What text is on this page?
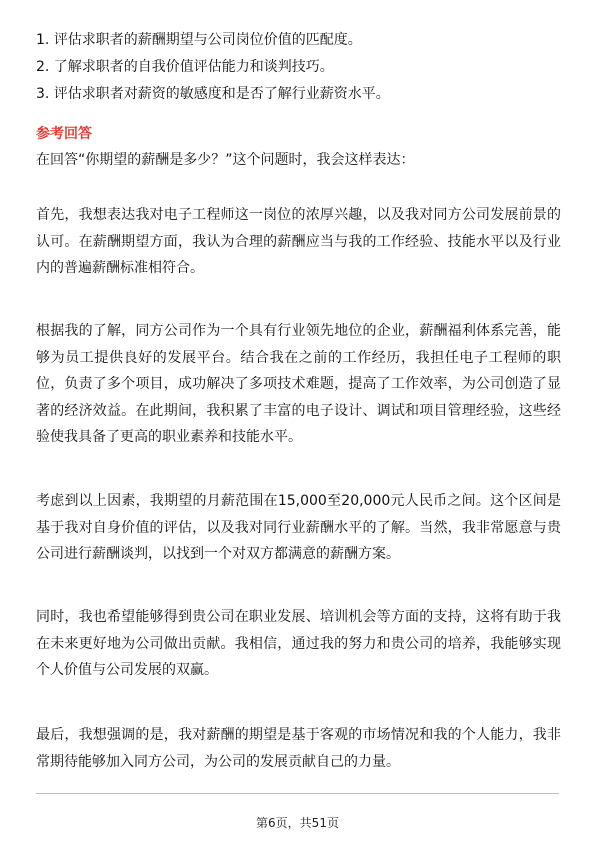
1. 评估求职者的薪酬期望与公司岗位价值的匹配度。
2. 了解求职者的自我价值评估能力和谈判技巧。
3. 评估求职者对薪资的敏感度和是否了解行业薪资水平。
参考回答
在回答“你期望的薪酬是多少？”这个问题时，我会这样表达：

首先，我想表达我对电子工程师这一岗位的浓厚兴趣，以及我对同方公司发展前景的认可。在薪酬期望方面，我认为合理的薪酬应当与我的工作经验、技能水平以及行业内的普遍薪酬标准相符合。

根据我的了解，同方公司作为一个具有行业领先地位的企业，薪酬福利体系完善，能够为员工提供良好的发展平台。结合我在之前的工作经历，我担任电子工程师的职位，负责了多个项目，成功解决了多项技术难题，提高了工作效率，为公司创造了显著的经济效益。在此期间，我积累了丰富的电子设计、调试和项目管理经验，这些经验使我具备了更高的职业素养和技能水平。

考虑到以上因素，我期望的月薪范围在15,000至20,000元人民币之间。这个区间是基于我对自身价值的评估，以及我对同行业薪酬水平的了解。当然，我非常愿意与贵公司进行薪酬谈判，以找到一个对双方都满意的薪酬方案。

同时，我也希望能够得到贵公司在职业发展、培训机会等方面的支持，这将有助于我在未来更好地为公司做出贡献。我相信，通过我的努力和贵公司的培养，我能够实现个人价值与公司发展的双赢。

最后，我想强调的是，我对薪酬的期望是基于客观的市场情况和我的个人能力，我非常期待能够加入同方公司，为公司的发展贡献自己的力量。

第6页，共51页
